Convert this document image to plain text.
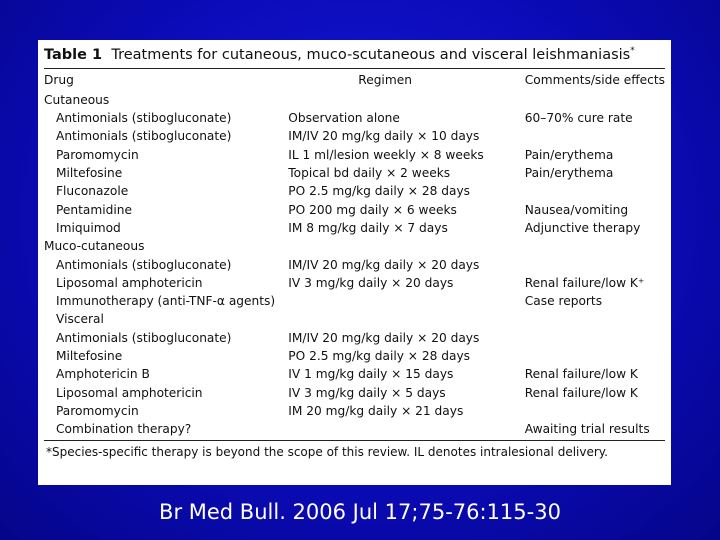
Table 1 Treatments for cutaneous, muco-scutaneous and visceral leishmaniasis*
Drug	Regimen	Comments/side effects
Cutaneous		
Antimonials (stibogluconate)	Observation alone	60–70% cure rate
Antimonials (stibogluconate)	IM/IV 20 mg/kg daily × 10 days	
Paromomycin	IL 1 ml/lesion weekly × 8 weeks	Pain/erythema
Miltefosine	Topical bd daily × 2 weeks	Pain/erythema
Fluconazole	PO 2.5 mg/kg daily × 28 days	
Pentamidine	PO 200 mg daily × 6 weeks	Nausea/vomiting
Imiquimod	IM 8 mg/kg daily × 7 days	Adjunctive therapy
Muco-cutaneous		
Antimonials (stibogluconate)	IM/IV 20 mg/kg daily × 20 days	
Liposomal amphotericin	IV 3 mg/kg daily × 20 days	Renal failure/low K⁺
Immunotherapy (anti-TNF-α agents)		Case reports
Visceral		
Antimonials (stibogluconate)	IM/IV 20 mg/kg daily × 20 days	
Miltefosine	PO 2.5 mg/kg daily × 28 days	
Amphotericin B	IV 1 mg/kg daily × 15 days	Renal failure/low K
Liposomal amphotericin	IV 3 mg/kg daily × 5 days	Renal failure/low K
Paromomycin	IM 20 mg/kg daily × 21 days	
Combination therapy?		Awaiting trial results
*Species-specific therapy is beyond the scope of this review. IL denotes intralesional delivery.
Br Med Bull. 2006 Jul 17;75-76:115-30
